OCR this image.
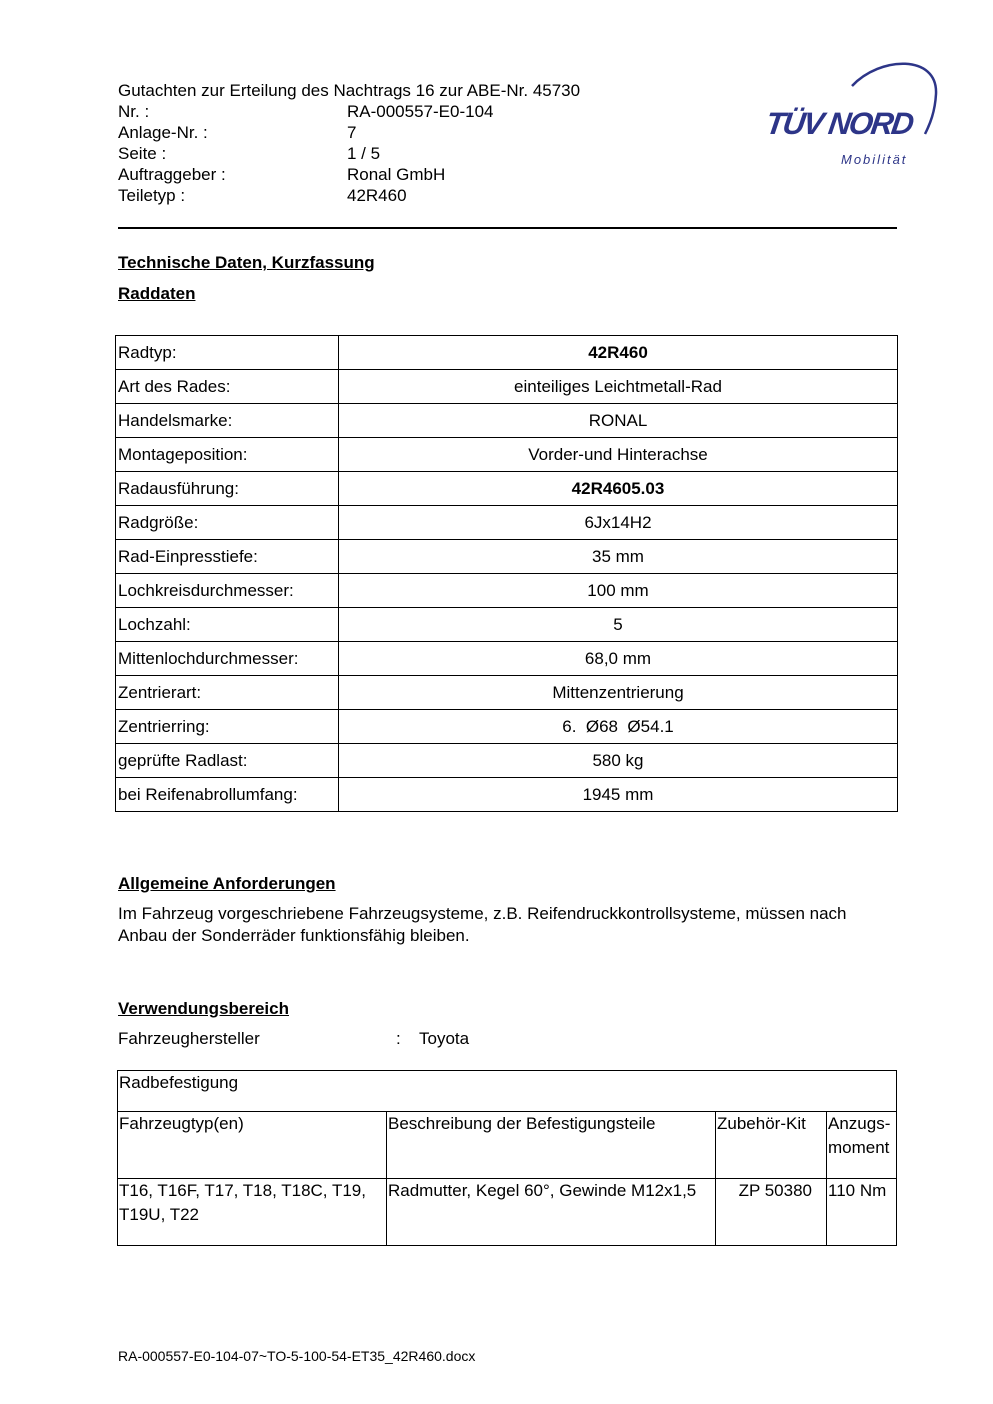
Gutachten zur Erteilung des Nachtrags 16 zur ABE-Nr. 45730
Nr. :	RA-000557-E0-104
Anlage-Nr. :	7
Seite :	1 / 5
Auftraggeber :	Ronal GmbH
Teiletyp :	42R460
TÜV NORD
Mobilität
Technische Daten, Kurzfassung
Raddaten
Radtyp:	42R460
Art des Rades:	einteiliges Leichtmetall-Rad
Handelsmarke:	RONAL
Montageposition:	Vorder-und Hinterachse
Radausführung:	42R4605.03
Radgröße:	6Jx14H2
Rad-Einpresstiefe:	35 mm
Lochkreisdurchmesser:	100 mm
Lochzahl:	5
Mittenlochdurchmesser:	68,0 mm
Zentrierart:	Mittenzentrierung
Zentrierring:	6.  Ø68  Ø54.1
geprüfte Radlast:	580 kg
bei Reifenabrollumfang:	1945 mm
Allgemeine Anforderungen
Im Fahrzeug vorgeschriebene Fahrzeugsysteme, z.B. Reifendruckkontrollsysteme, müssen nach Anbau der Sonderräder funktionsfähig bleiben.
Verwendungsbereich
Fahrzeughersteller	:	Toyota
Radbefestigung			
Fahrzeugtyp(en)	Beschreibung der Befestigungsteile	Zubehör-Kit	Anzugs-moment
T16, T16F, T17, T18, T18C, T19, T19U, T22	Radmutter, Kegel 60°, Gewinde M12x1,5	ZP 50380	110 Nm
RA-000557-E0-104-07~TO-5-100-54-ET35_42R460.docx
